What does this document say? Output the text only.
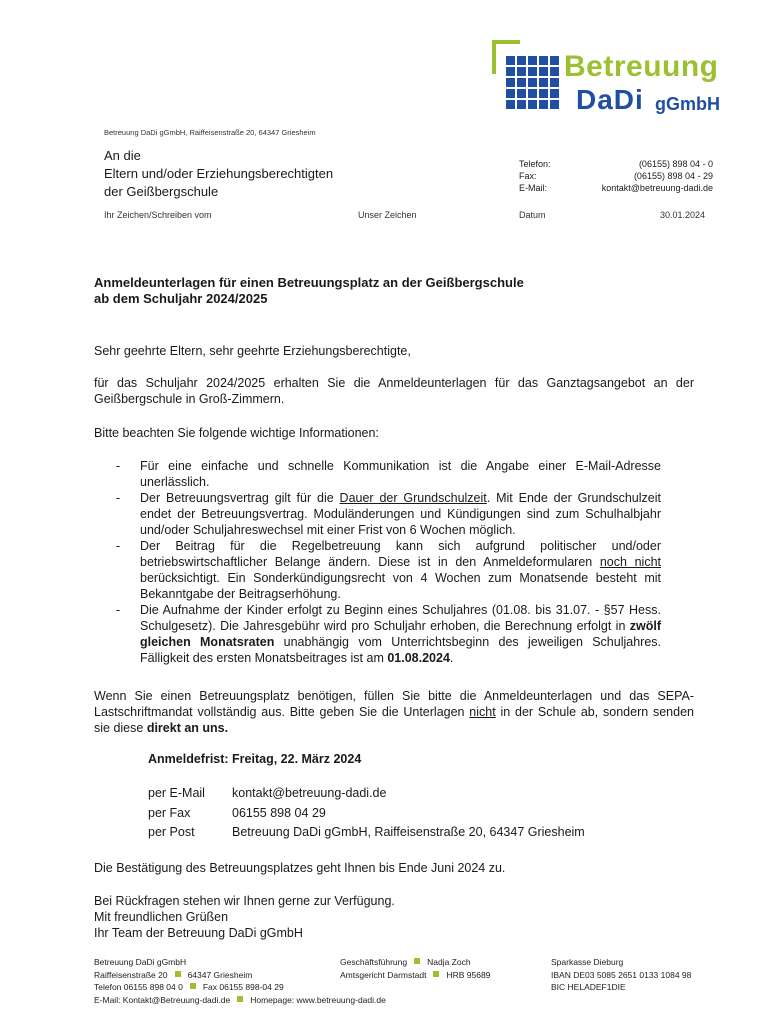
Betreuung
DaDi gGmbH
Betreuung DaDi gGmbH, Raiffeisenstraße 20, 64347 Griesheim
An die
Eltern und/oder Erziehungsberechtigten
der Geißbergschule
Telefon:	(06155) 898 04 - 0
Fax:	(06155) 898 04 - 29
E-Mail:	kontakt@betreuung-dadi.de
Ihr Zeichen/Schreiben vom	Unser Zeichen	Datum	30.01.2024
Anmeldeunterlagen für einen Betreuungsplatz an der Geißbergschule
ab dem Schuljahr 2024/2025
Sehr geehrte Eltern, sehr geehrte Erziehungsberechtigte,
für das Schuljahr 2024/2025 erhalten Sie die Anmeldeunterlagen für das Ganztagsangebot an der Geißbergschule in Groß-Zimmern.
Bitte beachten Sie folgende wichtige Informationen:
- Für eine einfache und schnelle Kommunikation ist die Angabe einer E-Mail-Adresse unerlässlich.
- Der Betreuungsvertrag gilt für die Dauer der Grundschulzeit. Mit Ende der Grundschulzeit endet der Betreuungsvertrag. Moduländerungen und Kündigungen sind zum Schulhalbjahr und/oder Schuljahreswechsel mit einer Frist von 6 Wochen möglich.
- Der Beitrag für die Regelbetreuung kann sich aufgrund politischer und/oder betriebswirtschaftlicher Belange ändern. Diese ist in den Anmeldeformularen noch nicht berücksichtigt. Ein Sonderkündigungsrecht von 4 Wochen zum Monatsende besteht mit Bekanntgabe der Beitragserhöhung.
- Die Aufnahme der Kinder erfolgt zu Beginn eines Schuljahres (01.08. bis 31.07. - §57 Hess. Schulgesetz). Die Jahresgebühr wird pro Schuljahr erhoben, die Berechnung erfolgt in zwölf gleichen Monatsraten unabhängig vom Unterrichtsbeginn des jeweiligen Schuljahres. Fälligkeit des ersten Monatsbeitrages ist am 01.08.2024.
Wenn Sie einen Betreuungsplatz benötigen, füllen Sie bitte die Anmeldeunterlagen und das SEPA-Lastschriftmandat vollständig aus. Bitte geben Sie die Unterlagen nicht in der Schule ab, sondern senden sie diese direkt an uns.
Anmeldefrist: Freitag, 22. März 2024
per E-Mail kontakt@betreuung-dadi.de
per Fax	06155 898 04 29
per Post	Betreuung DaDi gGmbH, Raiffeisenstraße 20, 64347 Griesheim
Die Bestätigung des Betreuungsplatzes geht Ihnen bis Ende Juni 2024 zu.
Bei Rückfragen stehen wir Ihnen gerne zur Verfügung.
Mit freundlichen Grüßen
Ihr Team der Betreuung DaDi gGmbH
Betreuung DaDi gGmbH
Raiffeisenstraße 20 64347 Griesheim
Telefon 06155 898 04 0 Fax 06155 898-04 29
E-Mail: Kontakt@Betreuung-dadi.de Homepage: www.betreuung-dadi.de
Geschäftsführung Nadja Zoch
Amtsgericht Darmstadt HRB 95689
Sparkasse Dieburg
IBAN DE03 5085 2651 0133 1084 98
BIC HELADEF1DIE
